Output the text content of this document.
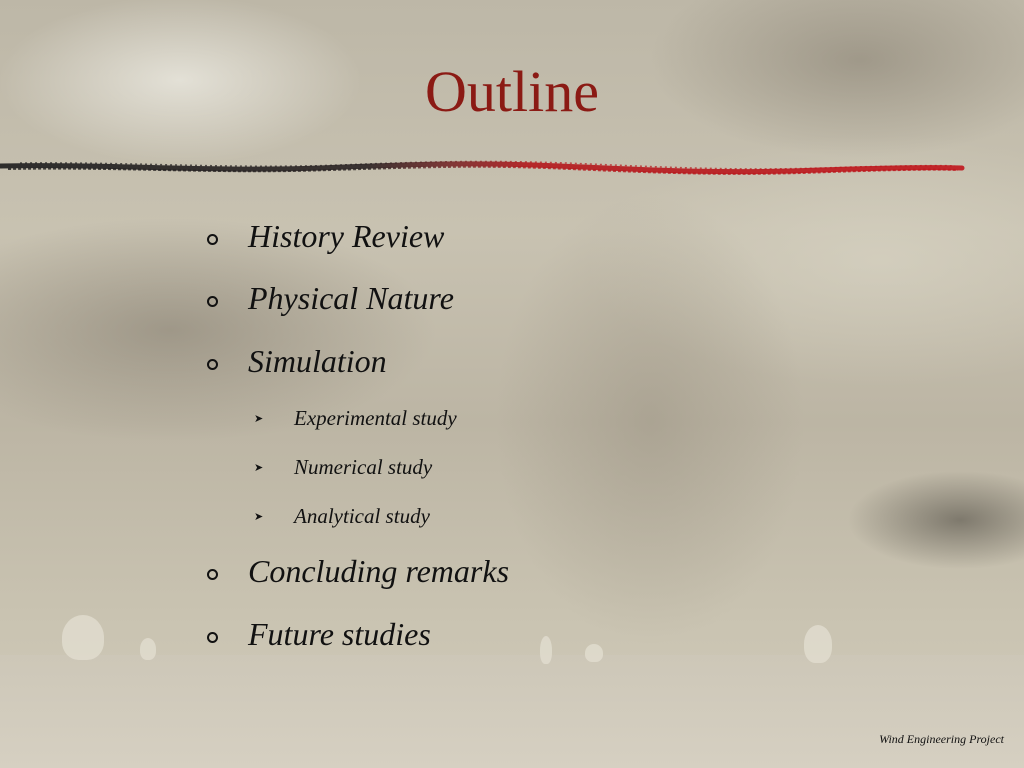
Outline
History Review
Physical Nature
Simulation
➤ Experimental study
➤ Numerical study
➤ Analytical study
Concluding remarks
Future studies
Wind Engineering Project
